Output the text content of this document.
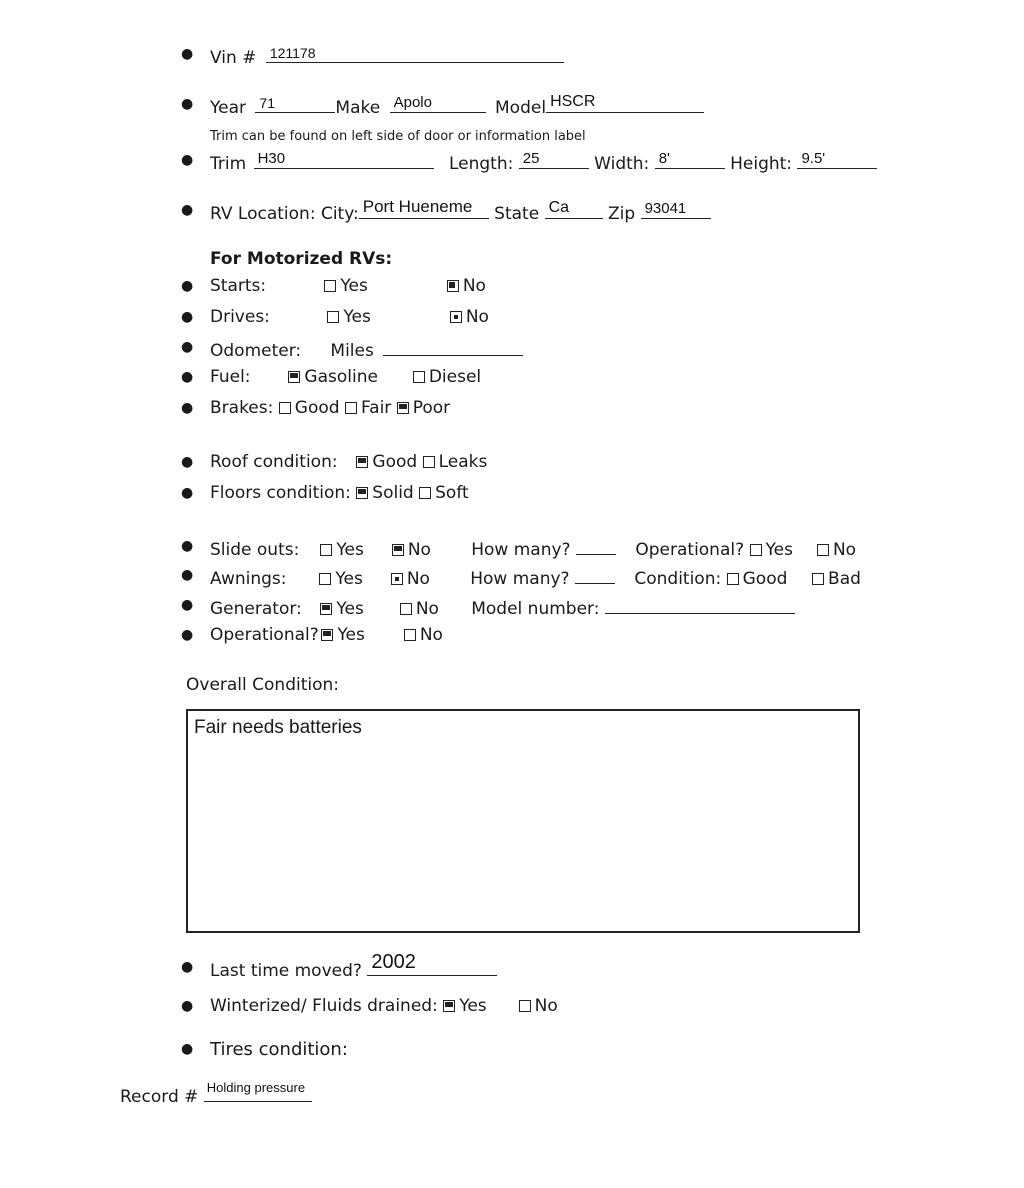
● Vin # 121178
● Year 71	Make Apolo	Model HSCR
Trim can be found on left side of door or information label
● Trim H30	Length: 25	Width: 8'	Height: 9.5'
● RV Location: City: Port Hueneme State Ca Zip 93041
For Motorized RVs:
● Starts:	Yes	No
● Drives:	Yes	No
● Odometer: Miles
● Fuel:	Gasoline	Diesel
● Brakes: Good Fair Poor
● Roof condition: Good Leaks
● Floors condition: Solid Soft
● Slide outs: Yes	No How many?	Operational? Yes No
● Awnings:	Yes	No How many?	Condition: Good Bad
● Generator: Yes	No Model number:
● Operational? Yes	No
Overall Condition:
Fair needs batteries
● Last time moved? 2002
● Winterized/ Fluids drained: Yes	No
● Tires condition:
Record # Holding pressure
